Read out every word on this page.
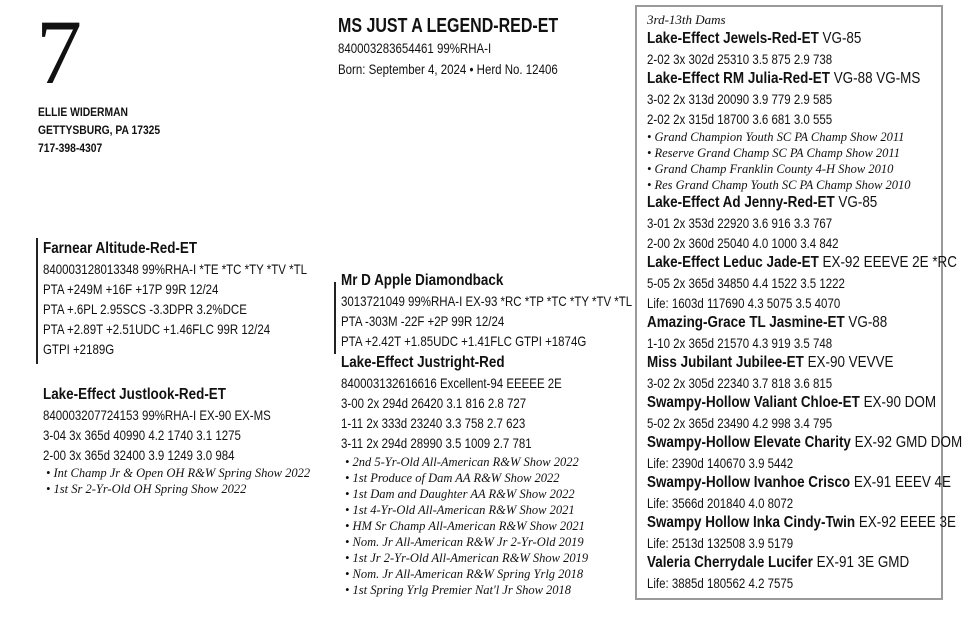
7
ELLIE WIDERMAN
GETTYSBURG, PA 17325
717-398-4307
MS JUST A LEGEND-RED-ET
840003283654461 99%RHA-I
Born: September 4, 2024 • Herd No. 12406
Farnear Altitude-Red-ET
840003128013348 99%RHA-I *TE *TC *TY *TV *TL
PTA +249M +16F +17P 99R 12/24
PTA +.6PL 2.95SCS -3.3DPR 3.2%DCE
PTA +2.89T +2.51UDC +1.46FLC 99R 12/24
GTPI +2189G
Lake-Effect Justlook-Red-ET
840003207724153 99%RHA-I EX-90 EX-MS
3-04 3x 365d 40990 4.2 1740 3.1 1275
2-00 3x 365d 32400 3.9 1249 3.0 984
• Int Champ Jr & Open OH R&W Spring Show 2022
• 1st Sr 2-Yr-Old OH Spring Show 2022
Mr D Apple Diamondback
3013721049 99%RHA-I EX-93 *RC *TP *TC *TY *TV *TL
PTA -303M -22F +2P 99R 12/24
PTA +2.42T +1.85UDC +1.41FLC GTPI +1874G
Lake-Effect Justright-Red
840003132616616 Excellent-94 EEEEE 2E
3-00 2x 294d 26420 3.1 816 2.8 727
1-11 2x 333d 23240 3.3 758 2.7 623
3-11 2x 294d 28990 3.5 1009 2.7 781
• 2nd 5-Yr-Old All-American R&W Show 2022
• 1st Produce of Dam AA R&W Show 2022
• 1st Dam and Daughter AA R&W Show 2022
• 1st 4-Yr-Old All-American R&W Show 2021
• HM Sr Champ All-American R&W Show 2021
• Nom. Jr All-American R&W Jr 2-Yr-Old 2019
• 1st Jr 2-Yr-Old All-American R&W Show 2019
• Nom. Jr All-American R&W Spring Yrlg 2018
• 1st Spring Yrlg Premier Nat'l Jr Show 2018
3rd-13th Dams
Lake-Effect Jewels-Red-ET VG-85
2-02 3x 302d 25310 3.5 875 2.9 738
Lake-Effect RM Julia-Red-ET VG-88 VG-MS
3-02 2x 313d 20090 3.9 779 2.9 585
2-02 2x 315d 18700 3.6 681 3.0 555
• Grand Champion Youth SC PA Champ Show 2011
• Reserve Grand Champ SC PA Champ Show 2011
• Grand Champ Franklin County 4-H Show 2010
• Res Grand Champ Youth SC PA Champ Show 2010
Lake-Effect Ad Jenny-Red-ET VG-85
3-01 2x 353d 22920 3.6 916 3.3 767
2-00 2x 360d 25040 4.0 1000 3.4 842
Lake-Effect Leduc Jade-ET EX-92 EEEVE 2E *RC
5-05 2x 365d 34850 4.4 1522 3.5 1222
Life: 1603d 117690 4.3 5075 3.5 4070
Amazing-Grace TL Jasmine-ET VG-88
1-10 2x 365d 21570 4.3 919 3.5 748
Miss Jubilant Jubilee-ET EX-90 VEVVE
3-02 2x 305d 22340 3.7 818 3.6 815
Swampy-Hollow Valiant Chloe-ET EX-90 DOM
5-02 2x 365d 23490 4.2 998 3.4 795
Swampy-Hollow Elevate Charity EX-92 GMD DOM
Life: 2390d 140670 3.9 5442
Swampy-Hollow Ivanhoe Crisco EX-91 EEEV 4E
Life: 3566d 201840 4.0 8072
Swampy Hollow Inka Cindy-Twin EX-92 EEEE 3E
Life: 2513d 132508 3.9 5179
Valeria Cherrydale Lucifer EX-91 3E GMD
Life: 3885d 180562 4.2 7575
